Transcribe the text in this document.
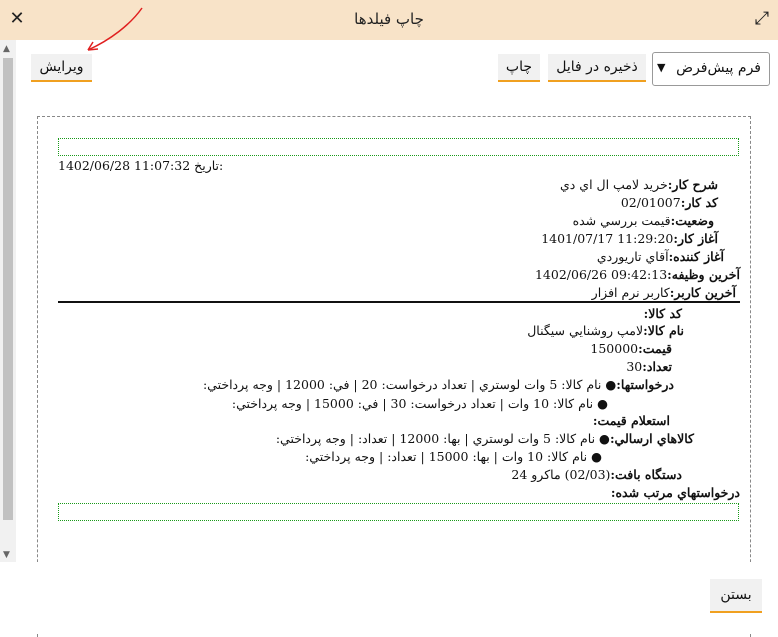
چاپ فیلدها
✕	⤢
▲
▼
ویرایش	چاپ	ذخیره در فایل	فرم پیش‌فرض
▼
1402/06/28 11:07:32 تاریخ:
شرح کار:خريد لامپ ال اي دي
کد کار:02/01007
وضعیت:قيمت بررسي شده
آغاز کار:1401/07/17 11:29:20
آغاز کننده:آقاي تاريوردي
آخرین وظیفه:1402/06/26 09:42:13
آخرین کاربر:کاربر نرم افزار
کد کالا:
نام کالا:لامپ روشنايي سيگنال
قیمت:150000
تعداد:30
درخواستها:● نام کالا: 5 وات لوستري | تعداد درخواست: 20 | في: 12000 | وجه پرداختي:
● نام کالا: 10 وات | تعداد درخواست: 30 | في: 15000 | وجه پرداختي:
استعلام قیمت:
کالاهاي ارسالي:● نام کالا: 5 وات لوستري | بها: 12000 | تعداد: | وجه پرداختي:
● نام کالا: 10 وات | بها: 15000 | تعداد: | وجه پرداختي:
دستگاه بافت:(02/03) ماکرو 24
درخواستهاي مرتب شده:
بستن
